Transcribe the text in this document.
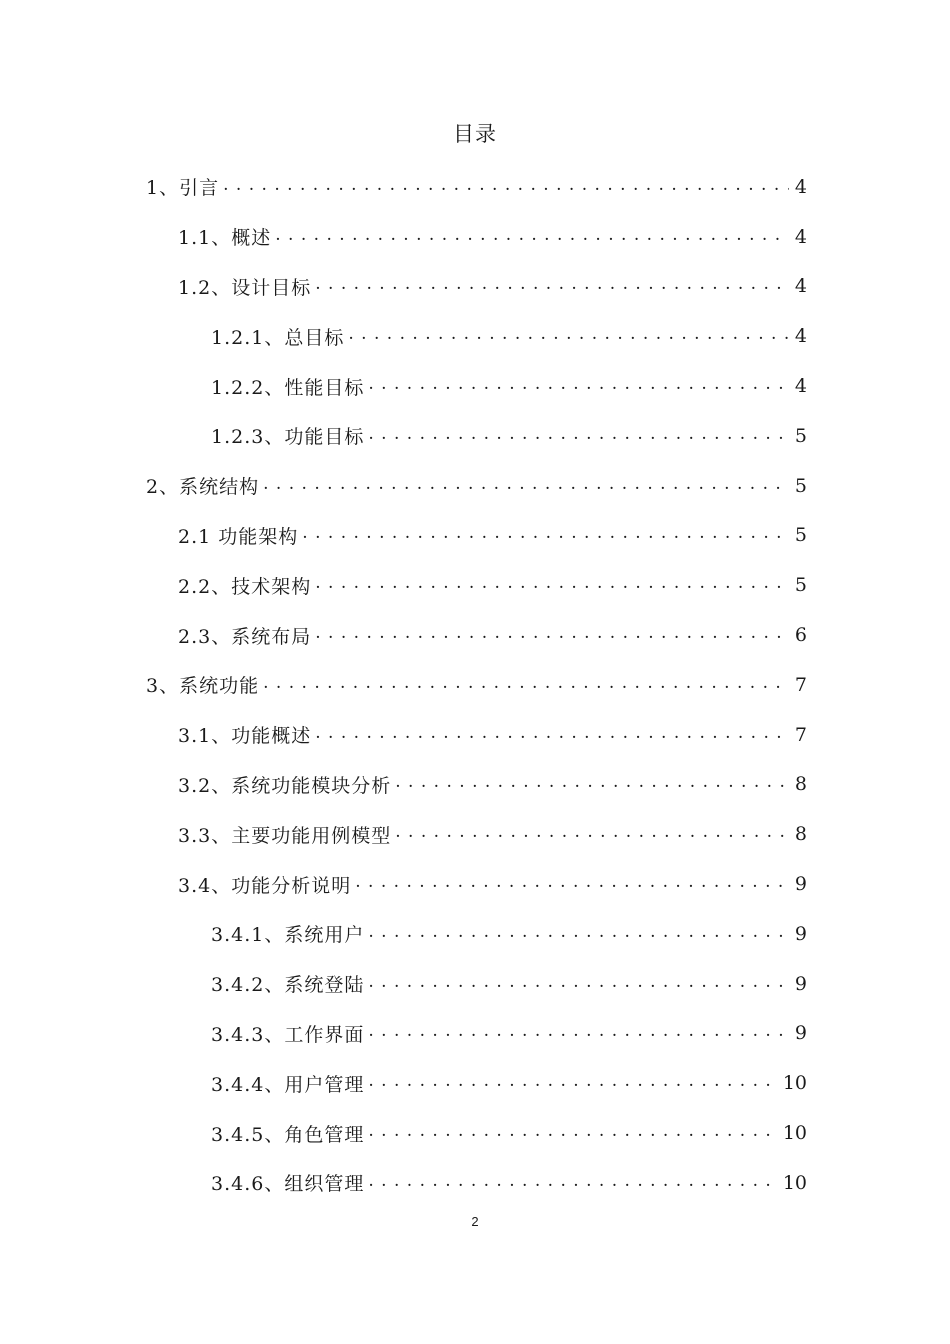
目录
1、引言 . . .	4
1.1、概述 . . .	4
1.2、设计目标 . . .	4
1.2.1、总目标 . . .	4
1.2.2、性能目标 . . .	4
1.2.3、功能目标 . . .	5
2、系统结构 . . .	5
2.1 功能架构 . . .	5
2.2、技术架构 . . .	5
2.3、系统布局 . . .	6
3、系统功能 . . .	7
3.1、功能概述 . . .	7
3.2、系统功能模块分析 . . .	8
3.3、主要功能用例模型 . . .	8
3.4、功能分析说明 . . .	9
3.4.1、系统用户 . . .	9
3.4.2、系统登陆 . . .	9
3.4.3、工作界面 . . .	9
3.4.4、用户管理 . . .	10
3.4.5、角色管理 . . .	10
3.4.6、组织管理 . . .	10
2
